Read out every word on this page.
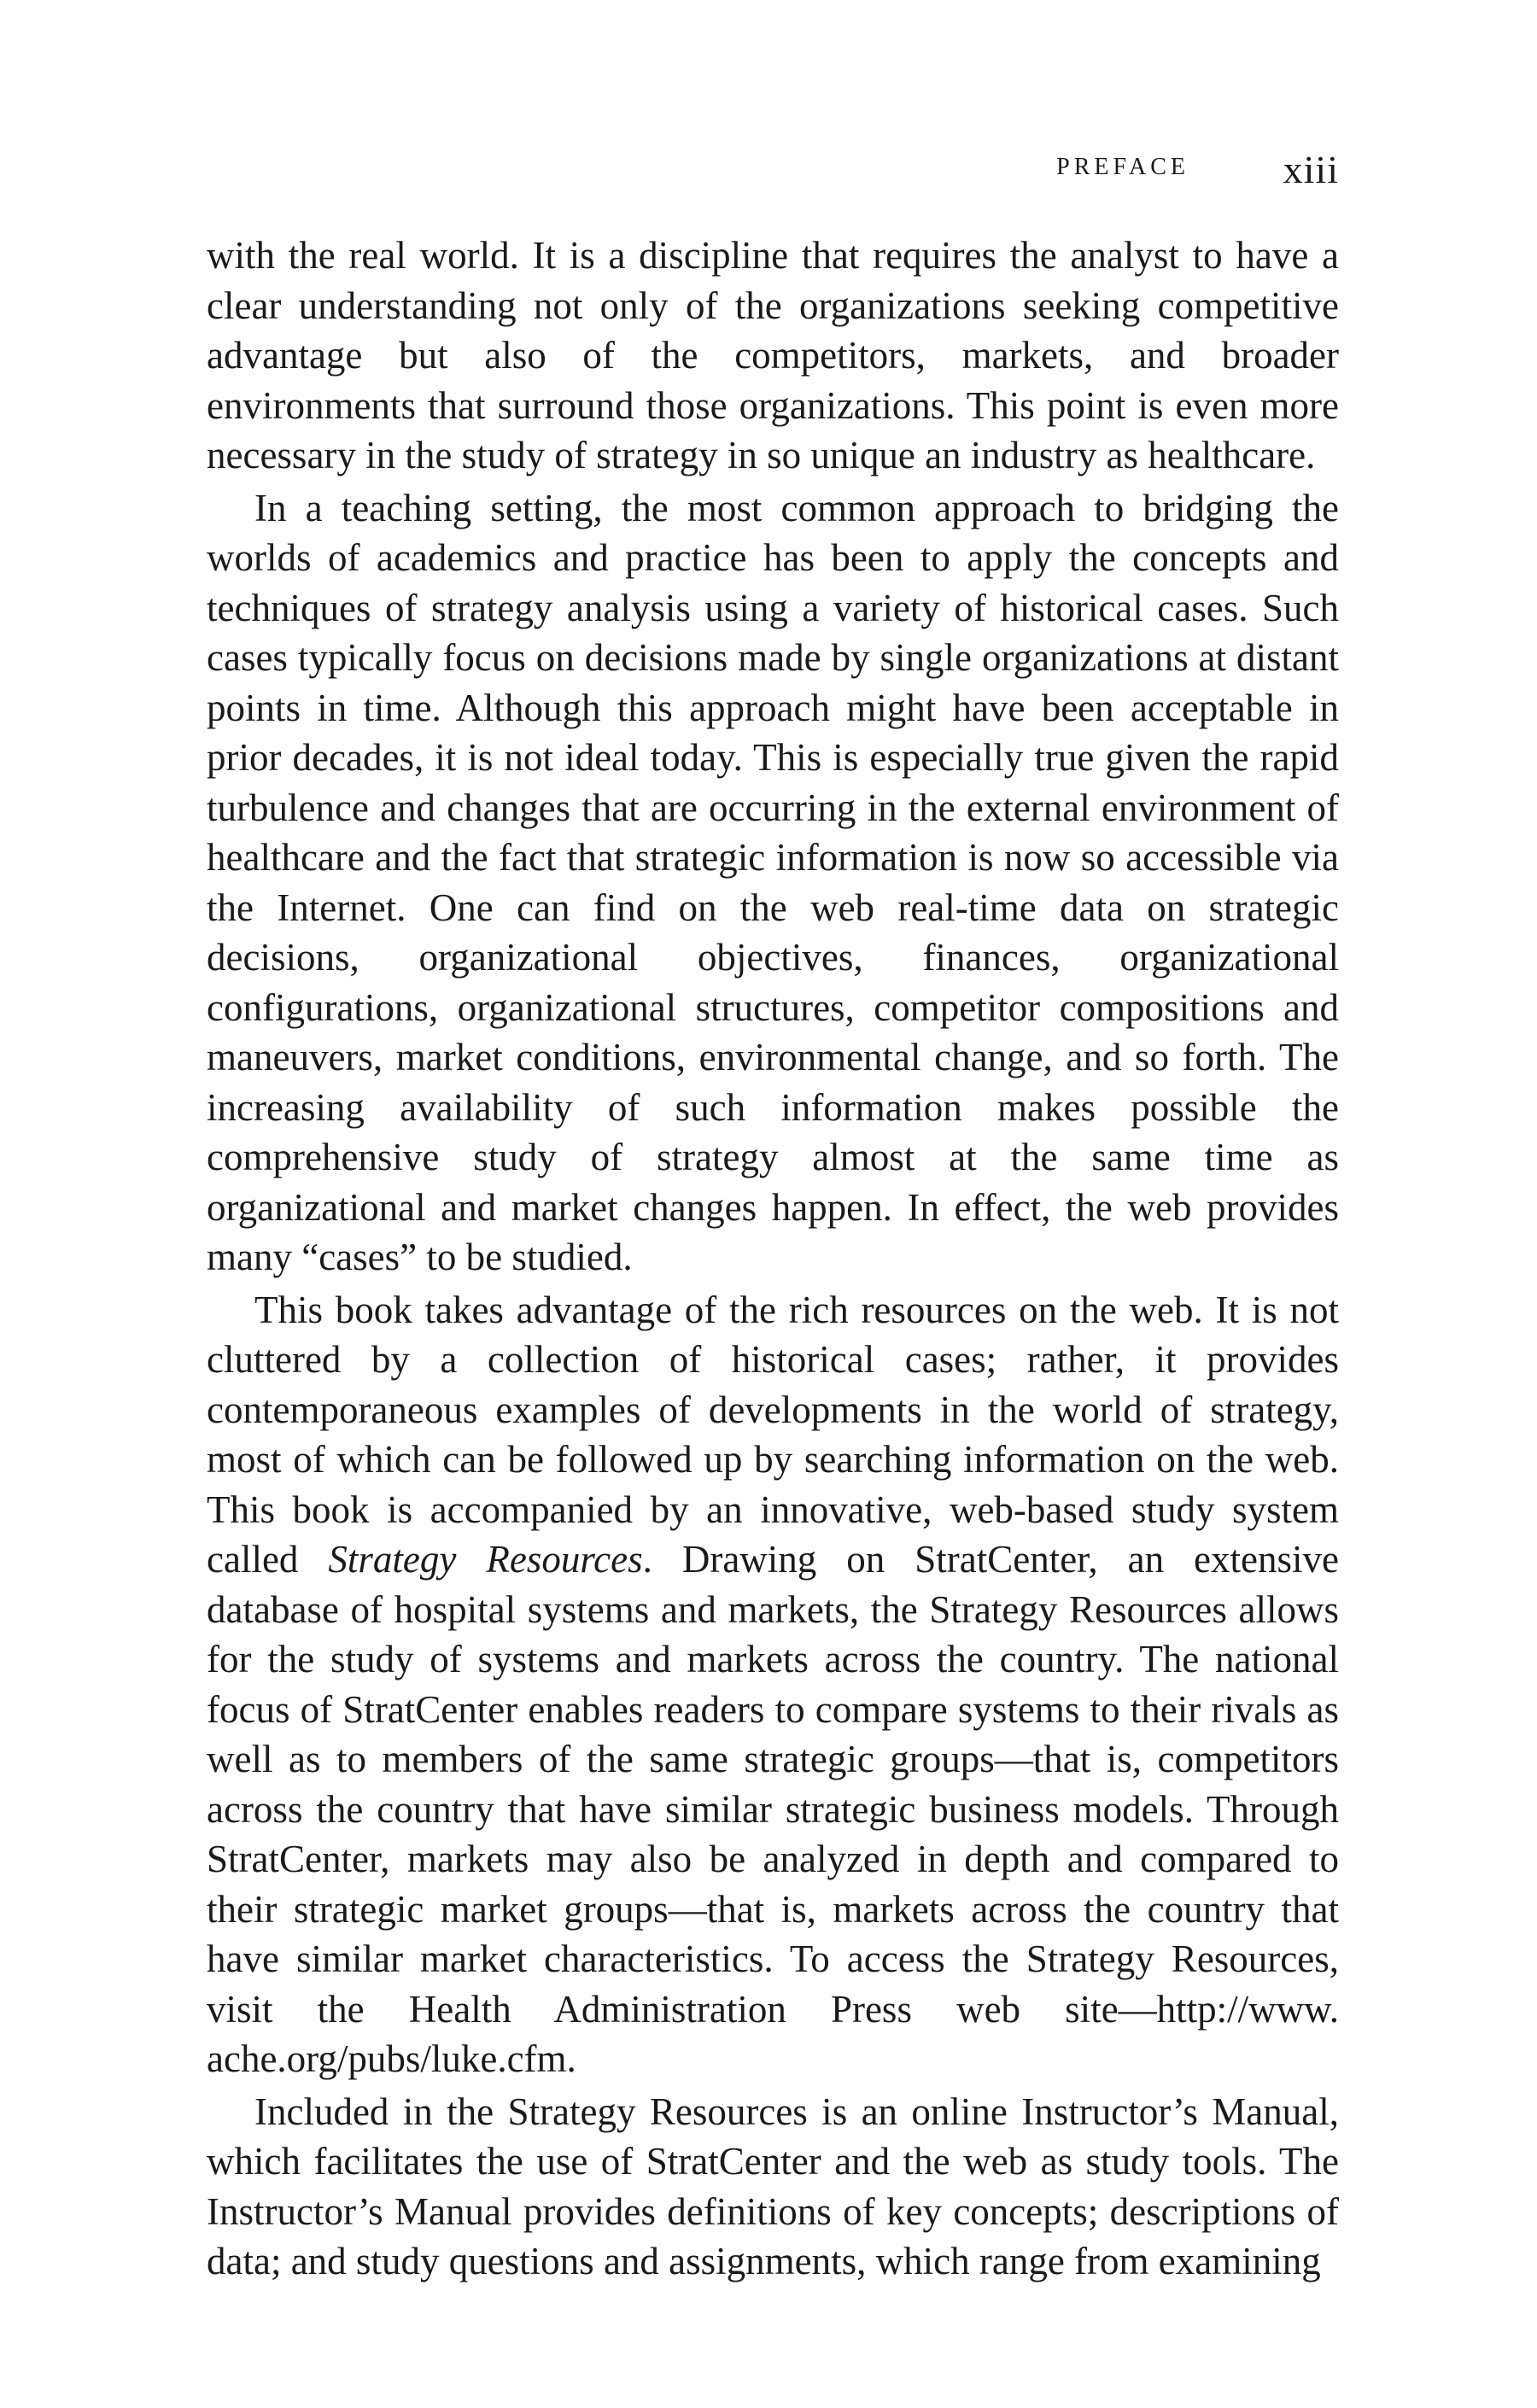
PREFACE xiii

with the real world. It is a discipline that requires the analyst to have a clear understanding not only of the organizations seeking competitive advantage but also of the competitors, markets, and broader environments that surround those organizations. This point is even more necessary in the study of strategy in so unique an industry as healthcare.

In a teaching setting, the most common approach to bridging the worlds of academics and practice has been to apply the concepts and techniques of strategy analysis using a variety of historical cases. Such cases typically focus on decisions made by single organizations at distant points in time. Although this approach might have been acceptable in prior decades, it is not ideal today. This is especially true given the rapid turbulence and changes that are occurring in the external environment of healthcare and the fact that strategic information is now so accessible via the Internet. One can find on the web real-time data on strategic decisions, organizational objectives, finances, organizational configurations, organizational structures, competitor compositions and maneuvers, market conditions, environmental change, and so forth. The increasing availability of such information makes possible the comprehensive study of strategy almost at the same time as organizational and market changes happen. In effect, the web provides many “cases” to be studied.

This book takes advantage of the rich resources on the web. It is not cluttered by a collection of historical cases; rather, it provides contemporaneous examples of developments in the world of strategy, most of which can be followed up by searching information on the web. This book is accompanied by an innovative, web-based study system called Strategy Resources. Drawing on StratCenter, an extensive database of hospital systems and markets, the Strategy Resources allows for the study of systems and markets across the country. The national focus of StratCenter enables readers to compare systems to their rivals as well as to members of the same strategic groups—that is, competitors across the country that have similar strategic business models. Through StratCenter, markets may also be analyzed in depth and compared to their strategic market groups—that is, markets across the country that have similar market characteristics. To access the Strategy Resources, visit the Health Administration Press web site—http://www. ache.org/pubs/luke.cfm.

Included in the Strategy Resources is an online Instructor’s Manual, which facilitates the use of StratCenter and the web as study tools. The Instructor’s Manual provides definitions of key concepts; descriptions of data; and study questions and assignments, which range from examining
